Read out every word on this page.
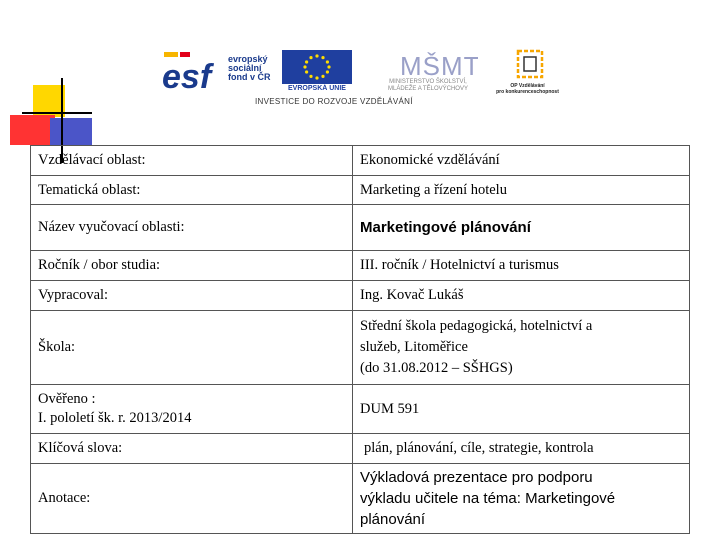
esf	evropský
sociální
fond v ČR
EVROPSKÁ UNIE
MŠMT
MINISTERSTVO ŠKOLSTVÍ,
MLÁDEŽE A TĚLOVÝCHOVY	OP Vzdělávání
pro konkurenceschopnost
INVESTICE DO ROZVOJE VZDĚLÁVÁNÍ
Vzdělávací oblast:	Ekonomické vzdělávání
Tematická oblast:	Marketing a řízení hotelu
Název vyučovací oblasti:	Marketingové plánování
Ročník / obor studia:	III. ročník / Hotelnictví a turismus
Vypracoval:	Ing. Kovač Lukáš
Škola:	Střední škola pedagogická, hotelnictví a
služeb, Litoměřice
(do 31.08.2012 – SŠHGS)
Ověřeno :
I. pololetí šk. r. 2013/2014	DUM 591
Klíčová slova:	plán, plánování, cíle, strategie, kontrola
Anotace:	Výkladová prezentace pro podporu
výkladu učitele na téma: Marketingové
plánování
